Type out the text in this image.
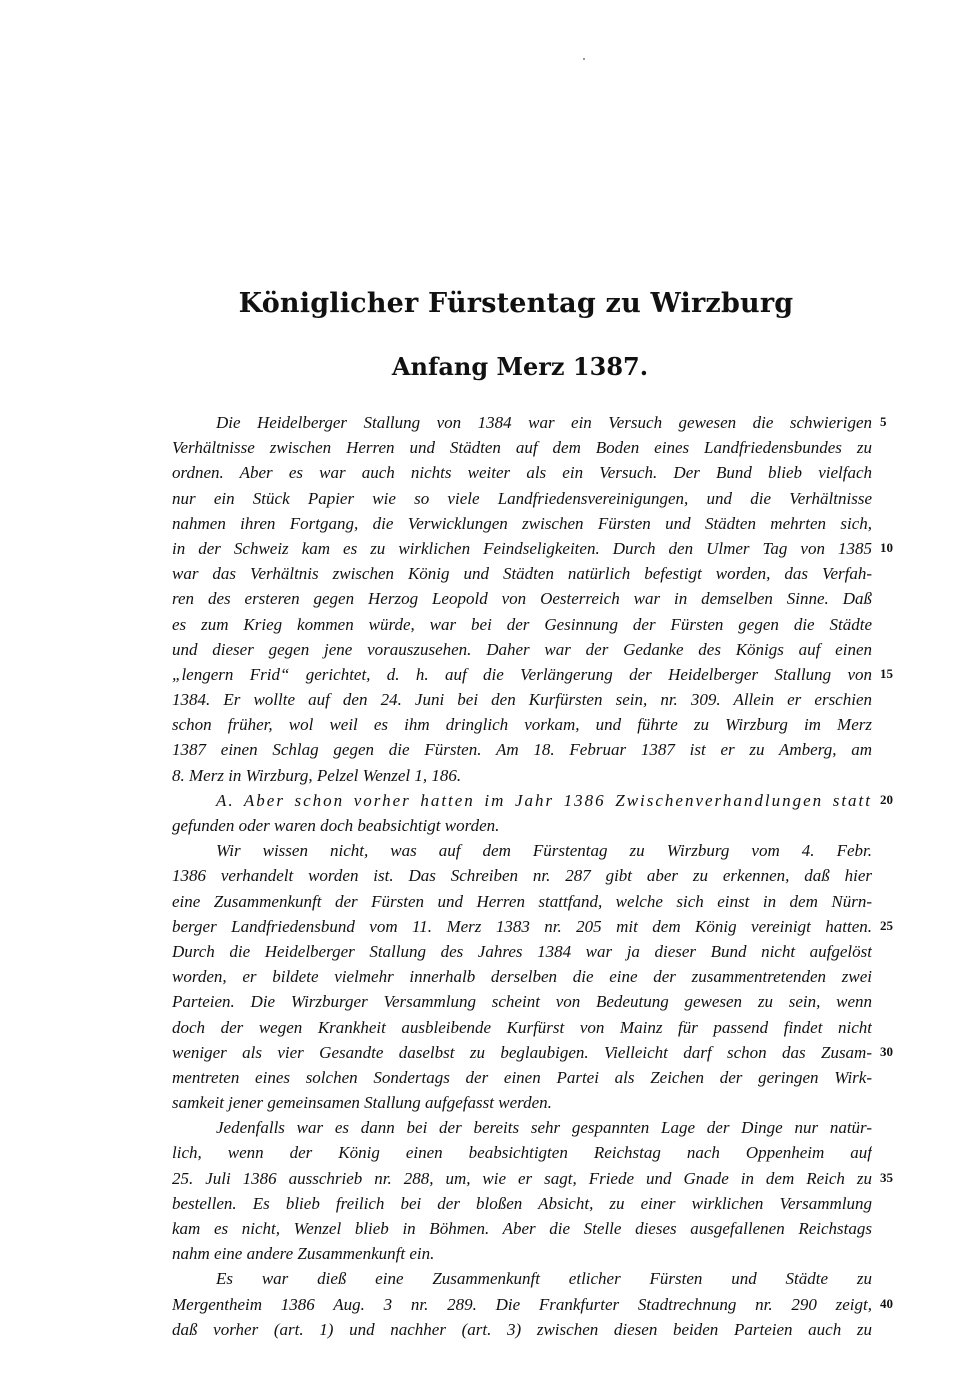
Königlicher Fürstentag zu Wirzburg
Anfang Merz 1387.
Die Heidelberger Stallung von 1384 war ein Versuch gewesen die schwierigen
Verhältnisse zwischen Herren und Städten auf dem Boden eines Landfriedensbundes zu
ordnen. Aber es war auch nichts weiter als ein Versuch. Der Bund blieb vielfach
nur ein Stück Papier wie so viele Landfriedensvereinigungen, und die Verhältnisse
nahmen ihren Fortgang, die Verwicklungen zwischen Fürsten und Städten mehrten sich,
in der Schweiz kam es zu wirklichen Feindseligkeiten. Durch den Ulmer Tag von 1385
war das Verhältnis zwischen König und Städten natürlich befestigt worden, das Verfah-
ren des ersteren gegen Herzog Leopold von Oesterreich war in demselben Sinne. Daß
es zum Krieg kommen würde, war bei der Gesinnung der Fürsten gegen die Städte
und dieser gegen jene vorauszusehen. Daher war der Gedanke des Königs auf einen
„lengern Frid“ gerichtet, d. h. auf die Verlängerung der Heidelberger Stallung von
1384. Er wollte auf den 24. Juni bei den Kurfürsten sein, nr. 309. Allein er erschien
schon früher, wol weil es ihm dringlich vorkam, und führte zu Wirzburg im Merz
1387 einen Schlag gegen die Fürsten. Am 18. Februar 1387 ist er zu Amberg, am
8. Merz in Wirzburg, Pelzel Wenzel 1, 186.
A. Aber schon vorher hatten im Jahr 1386 Zwischenverhandlungen statt
gefunden oder waren doch beabsichtigt worden.
Wir wissen nicht, was auf dem Fürstentag zu Wirzburg vom 4. Febr.
1386 verhandelt worden ist. Das Schreiben nr. 287 gibt aber zu erkennen, daß hier
eine Zusammenkunft der Fürsten und Herren stattfand, welche sich einst in dem Nürn-
berger Landfriedensbund vom 11. Merz 1383 nr. 205 mit dem König vereinigt hatten.
Durch die Heidelberger Stallung des Jahres 1384 war ja dieser Bund nicht aufgelöst
worden, er bildete vielmehr innerhalb derselben die eine der zusammentretenden zwei
Parteien. Die Wirzburger Versammlung scheint von Bedeutung gewesen zu sein, wenn
doch der wegen Krankheit ausbleibende Kurfürst von Mainz für passend findet nicht
weniger als vier Gesandte daselbst zu beglaubigen. Vielleicht darf schon das Zusam-
mentreten eines solchen Sondertags der einen Partei als Zeichen der geringen Wirk-
samkeit jener gemeinsamen Stallung aufgefasst werden.
Jedenfalls war es dann bei der bereits sehr gespannten Lage der Dinge nur natür-
lich, wenn der König einen beabsichtigten Reichstag nach Oppenheim auf
25. Juli 1386 ausschrieb nr. 288, um, wie er sagt, Friede und Gnade in dem Reich zu
bestellen. Es blieb freilich bei der bloßen Absicht, zu einer wirklichen Versammlung
kam es nicht, Wenzel blieb in Böhmen. Aber die Stelle dieses ausgefallenen Reichstags
nahm eine andere Zusammenkunft ein.
Es war dieß eine Zusammenkunft etlicher Fürsten und Städte zu
Mergentheim 1386 Aug. 3 nr. 289. Die Frankfurter Stadtrechnung nr. 290 zeigt,
daß vorher (art. 1) und nachher (art. 3) zwischen diesen beiden Parteien auch zu
5
10
15
20
25
30
35
40
